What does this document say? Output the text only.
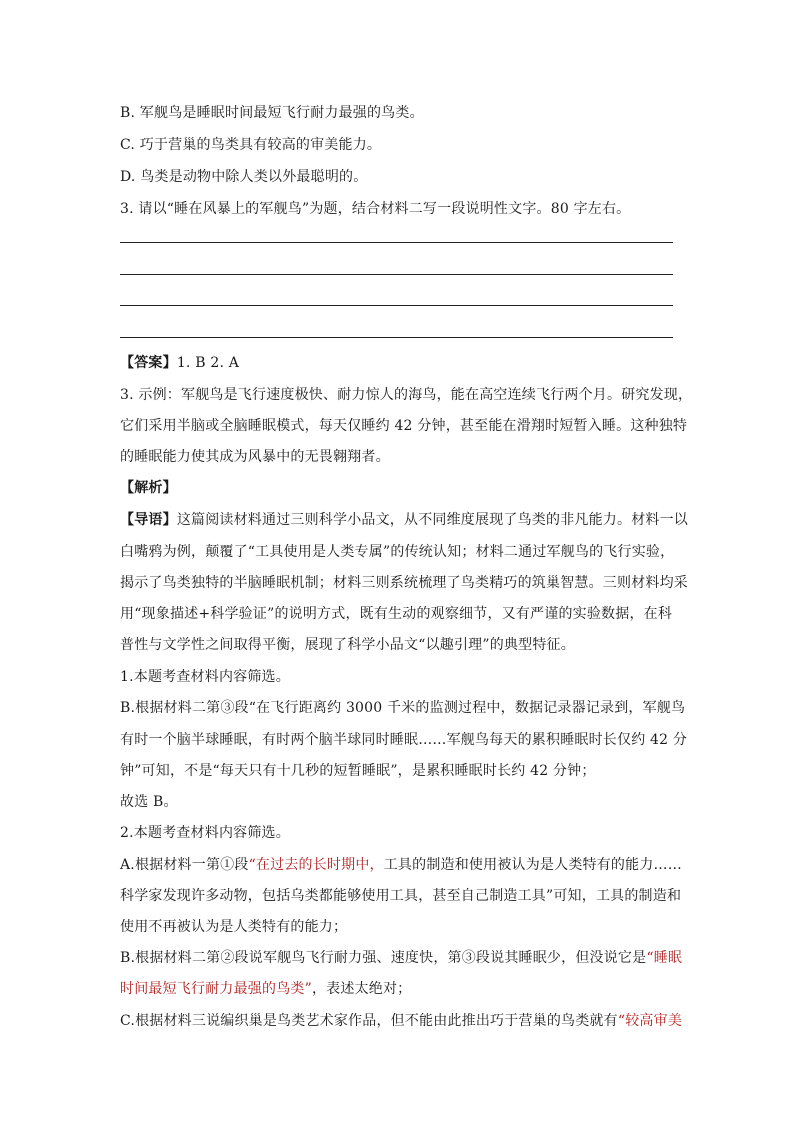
B. 军舰鸟是睡眠时间最短飞行耐力最强的鸟类。
C. 巧于营巢的鸟类具有较高的审美能力。
D. 鸟类是动物中除人类以外最聪明的。
3. 请以“睡在风暴上的军舰鸟”为题，结合材料二写一段说明性文字。80 字左右。
【答案】1. B 2. A
3. 示例：军舰鸟是飞行速度极快、耐力惊人的海鸟，能在高空连续飞行两个月。研究发现，
它们采用半脑或全脑睡眠模式，每天仅睡约 42 分钟，甚至能在滑翔时短暂入睡。这种独特
的睡眠能力使其成为风暴中的无畏翱翔者。
【解析】
【导语】这篇阅读材料通过三则科学小品文，从不同维度展现了鸟类的非凡能力。材料一以
白嘴鸦为例，颠覆了“工具使用是人类专属”的传统认知；材料二通过军舰鸟的飞行实验，
揭示了鸟类独特的半脑睡眠机制；材料三则系统梳理了鸟类精巧的筑巢智慧。三则材料均采
用“现象描述+科学验证”的说明方式，既有生动的观察细节，又有严谨的实验数据，在科
普性与文学性之间取得平衡，展现了科学小品文“以趣引理”的典型特征。
1.本题考查材料内容筛选。
B.根据材料二第③段“在飞行距离约 3000 千米的监测过程中，数据记录器记录到，军舰鸟
有时一个脑半球睡眠，有时两个脑半球同时睡眠……军舰鸟每天的累积睡眠时长仅约 42 分
钟”可知，不是“每天只有十几秒的短暂睡眠”，是累积睡眠时长约 42 分钟；
故选 B。
2.本题考查材料内容筛选。
A.根据材料一第①段“在过去的长时期中，工具的制造和使用被认为是人类特有的能力……
科学家发现许多动物，包括乌类都能够使用工具，甚至自己制造工具”可知，工具的制造和
使用不再被认为是人类特有的能力；
B.根据材料二第②段说军舰鸟飞行耐力强、速度快，第③段说其睡眠少，但没说它是“睡眠
时间最短飞行耐力最强的鸟类”，表述太绝对；
C.根据材料三说编织巢是鸟类艺术家作品，但不能由此推出巧于营巢的鸟类就有“较高审美
